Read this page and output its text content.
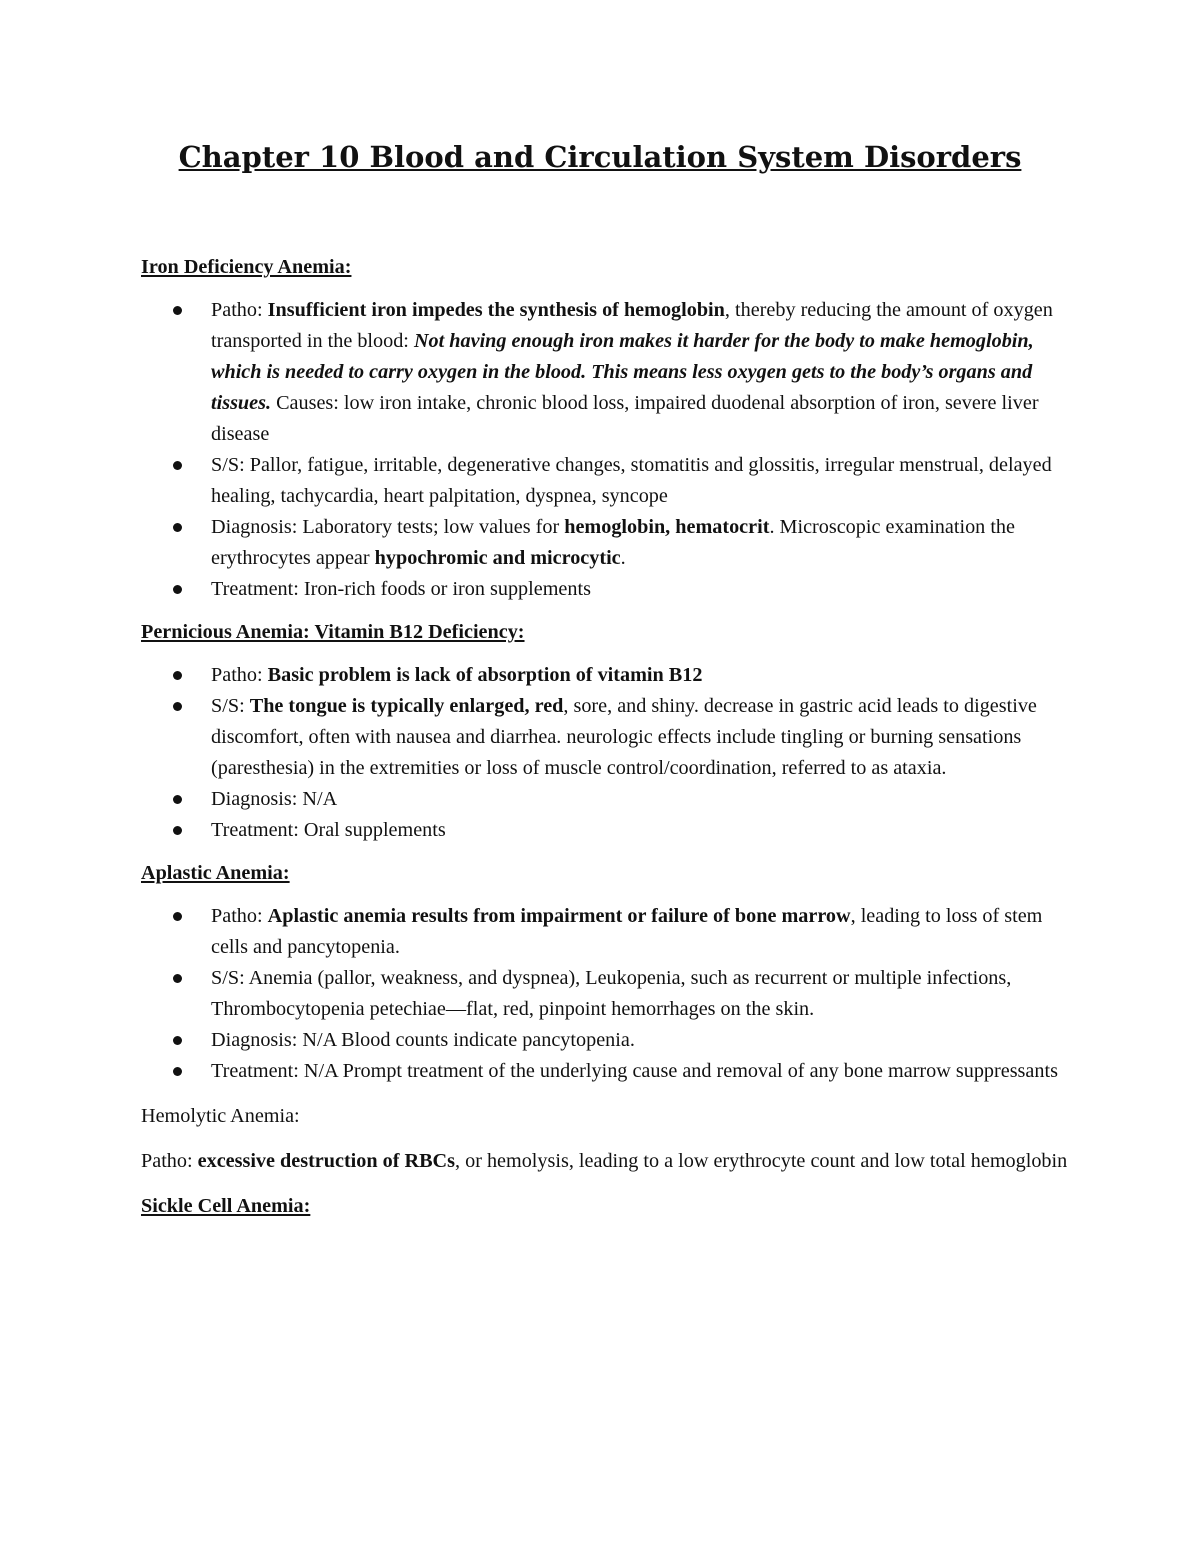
Chapter 10 Blood and Circulation System Disorders

Iron Deficiency Anemia:

Patho: Insufficient iron impedes the synthesis of hemoglobin, thereby reducing the amount of oxygen transported in the blood: Not having enough iron makes it harder for the body to make hemoglobin, which is needed to carry oxygen in the blood. This means less oxygen gets to the body’s organs and tissues. Causes: low iron intake, chronic blood loss, impaired duodenal absorption of iron, severe liver disease
S/S: Pallor, fatigue, irritable, degenerative changes, stomatitis and glossitis, irregular menstrual, delayed healing, tachycardia, heart palpitation, dyspnea, syncope
Diagnosis: Laboratory tests; low values for hemoglobin, hematocrit. Microscopic examination the erythrocytes appear hypochromic and microcytic.
Treatment: Iron-rich foods or iron supplements

Pernicious Anemia: Vitamin B12 Deficiency:

Patho: Basic problem is lack of absorption of vitamin B12
S/S: The tongue is typically enlarged, red, sore, and shiny. decrease in gastric acid leads to digestive discomfort, often with nausea and diarrhea. neurologic effects include tingling or burning sensations (paresthesia) in the extremities or loss of muscle control/coordination, referred to as ataxia.
Diagnosis: N/A
Treatment: Oral supplements

Aplastic Anemia:

Patho: Aplastic anemia results from impairment or failure of bone marrow, leading to loss of stem cells and pancytopenia.
S/S: Anemia (pallor, weakness, and dyspnea), Leukopenia, such as recurrent or multiple infections, Thrombocytopenia petechiae—flat, red, pinpoint hemorrhages on the skin.
Diagnosis: N/A Blood counts indicate pancytopenia.
Treatment: N/A Prompt treatment of the underlying cause and removal of any bone marrow suppressants

Hemolytic Anemia:

Patho: excessive destruction of RBCs, or hemolysis, leading to a low erythrocyte count and low total hemoglobin

Sickle Cell Anemia:
